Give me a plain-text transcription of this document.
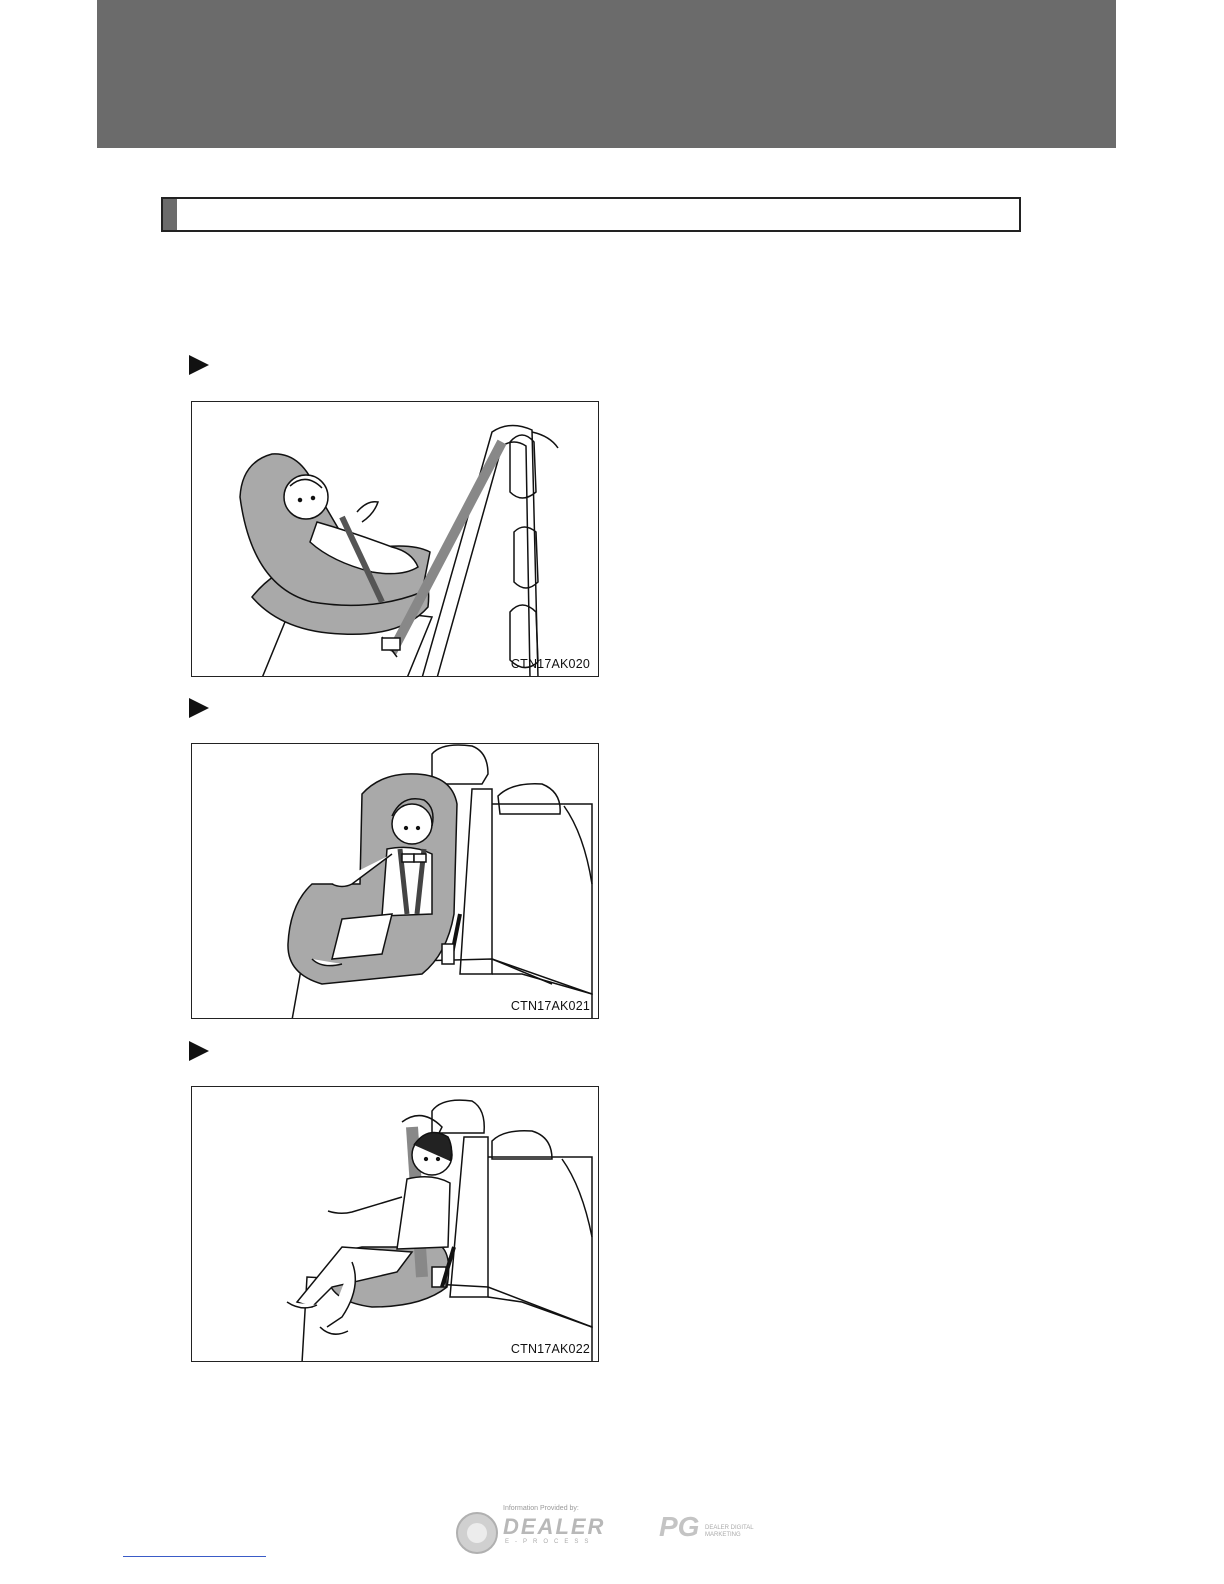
CTN17AK020
CTN17AK021
CTN17AK022
Information Provided by:
DEALER
E-PROCESS PG DEALER DIGITAL MARKETING
